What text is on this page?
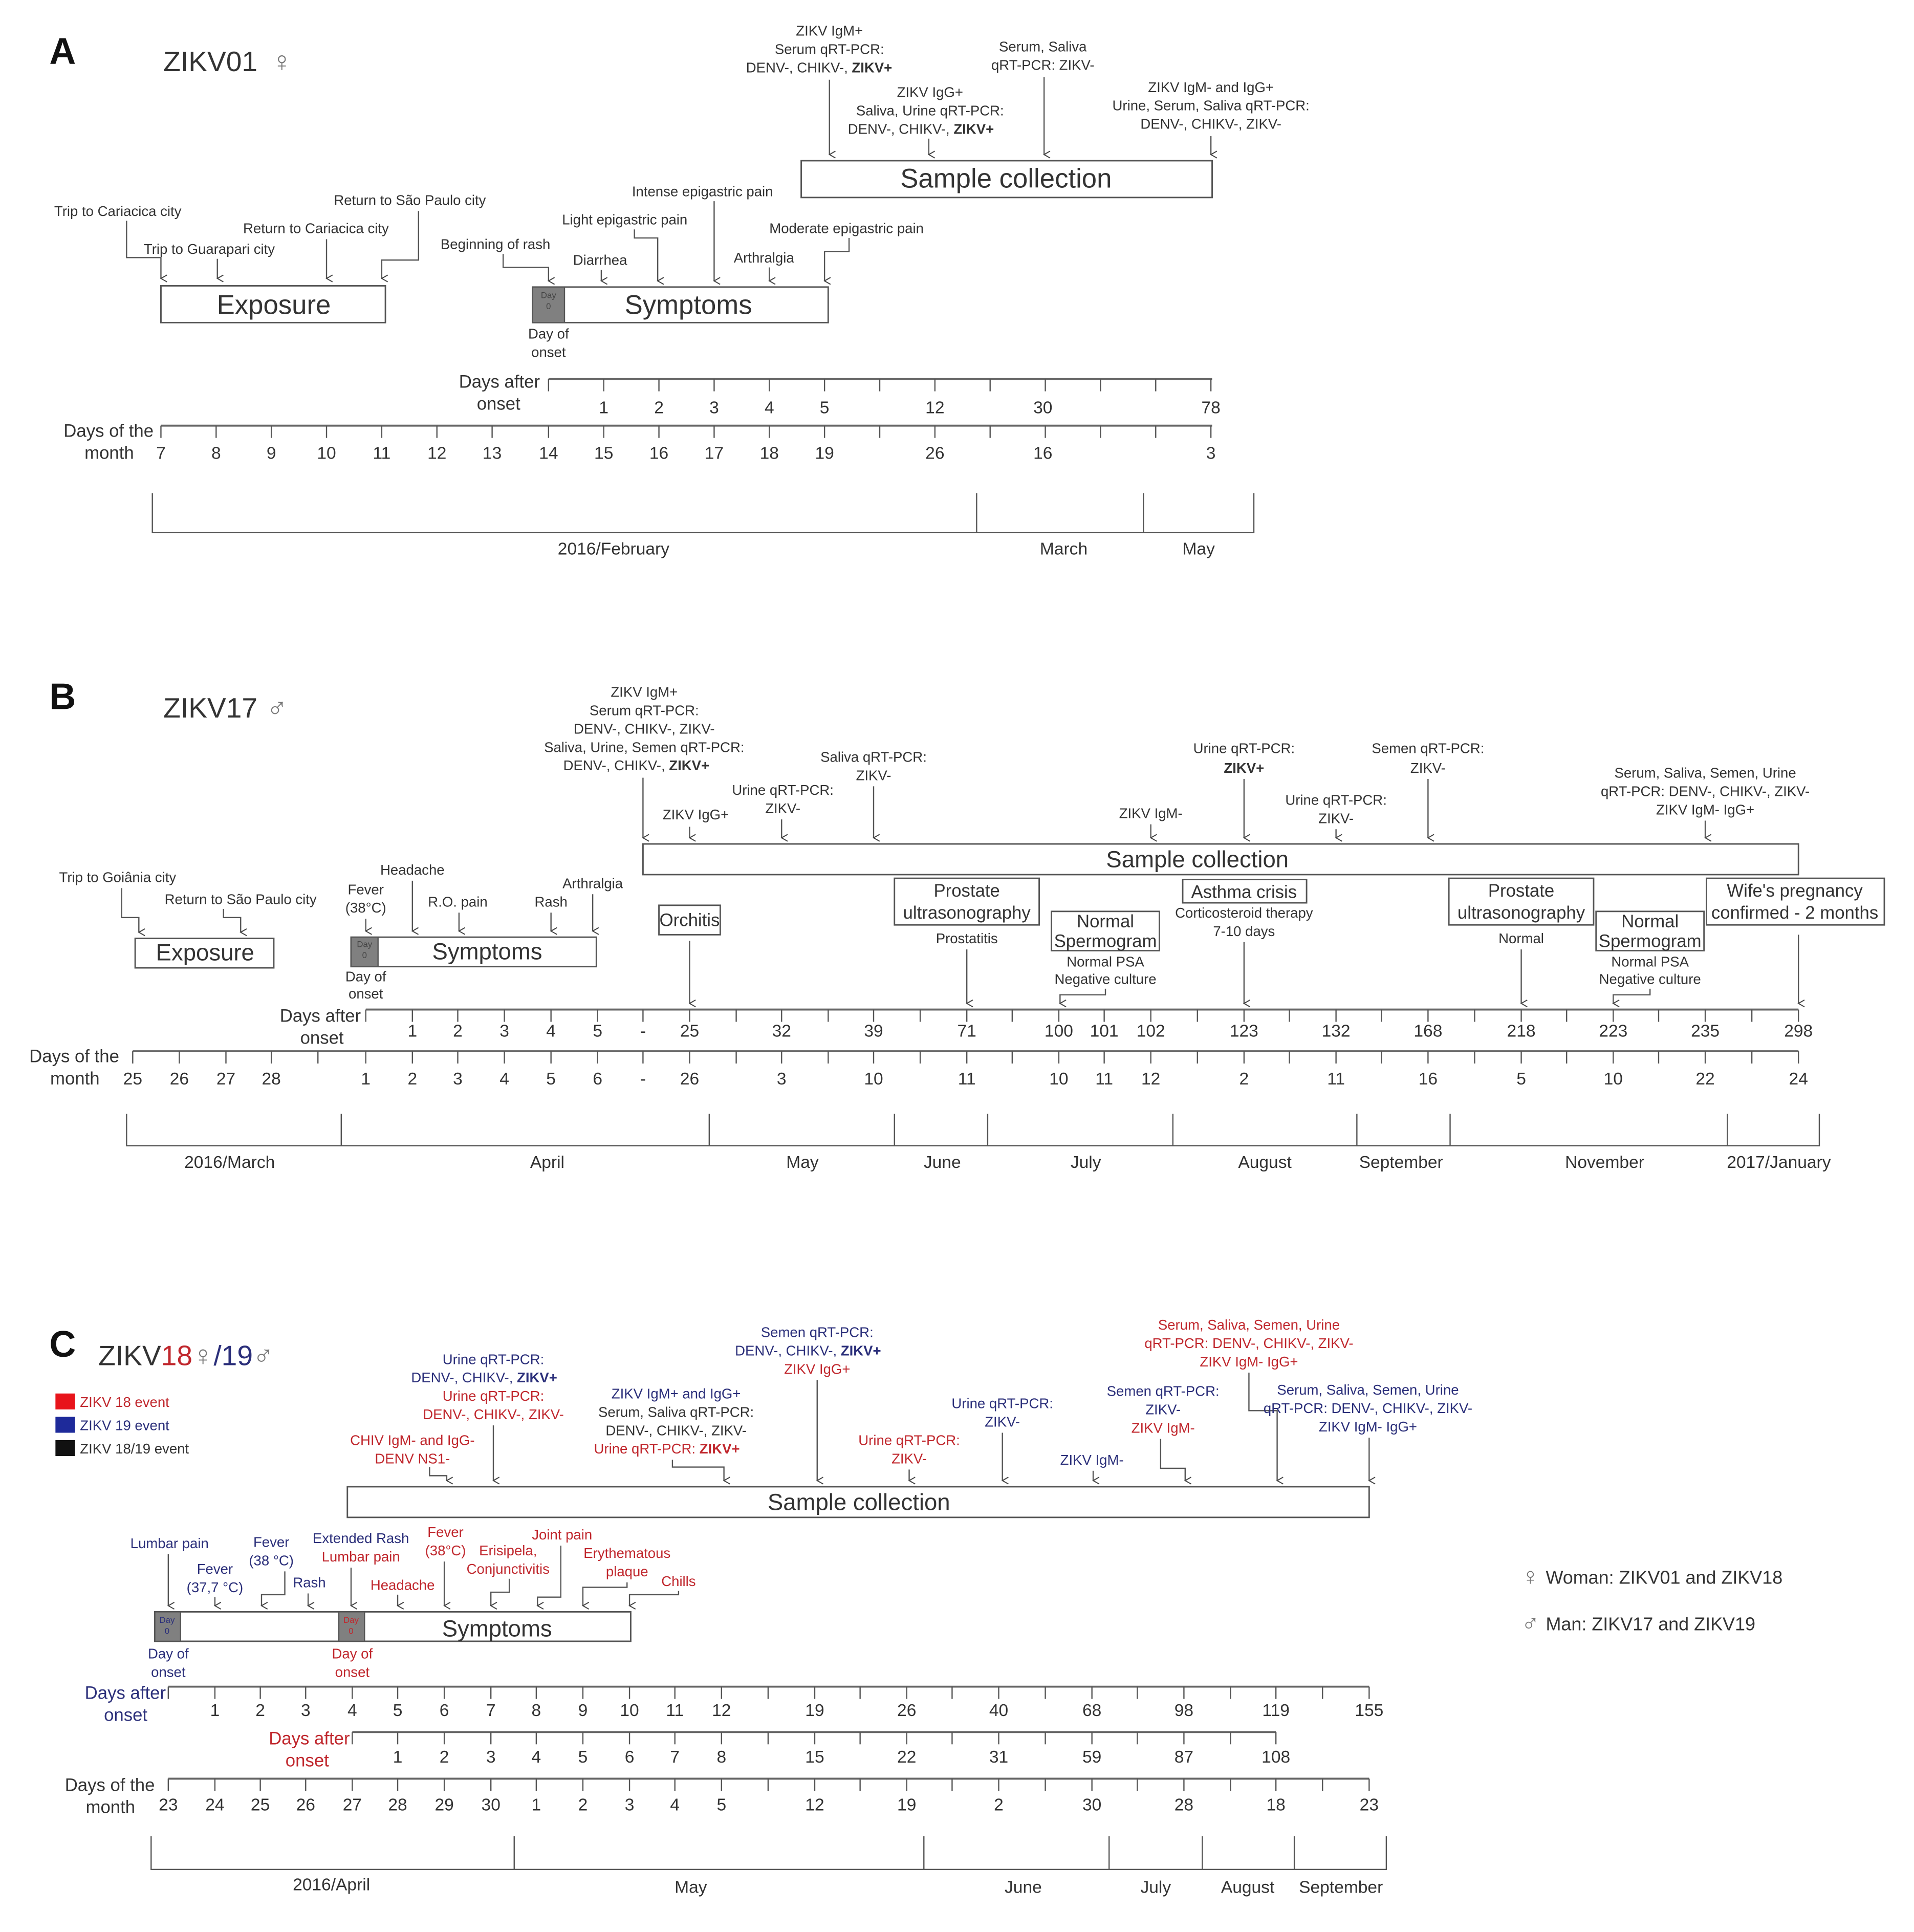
A	ZIKV01 ♀
ZIKV IgM+
Serum qRT-PCR:
DENV-, CHIKV-, ZIKV+
ZIKV IgG+
Saliva, Urine qRT-PCR:
DENV-, CHIKV-, ZIKV+
Serum, Saliva
qRT-PCR: ZIKV-
ZIKV IgM- and IgG+
Urine, Serum, Saliva qRT-PCR:
DENV-, CHIKV-, ZIKV-
Sample collection
Trip to Cariacica city
Trip to Guarapari city
Return to Cariacica city
Return to São Paulo city
Exposure
Beginning of rash
Diarrhea
Light epigastric pain
Intense epigastric pain
Arthralgia
Moderate epigastric pain
Day
0	Symptoms
Day of
onset
Days after
onset	1	2	3	4	5	12	30	78
Days of the
month	7	8	9	10	11	12	13	14	15	16	17	18	19	26	16	3
2016/February	March	May
B	ZIKV17 ♂
ZIKV IgM+
Serum qRT-PCR:
DENV-, CHIKV-, ZIKV-
Saliva, Urine, Semen qRT-PCR:
DENV-, CHIKV-, ZIKV+
ZIKV IgG+
Urine qRT-PCR:
ZIKV-
Saliva qRT-PCR:
ZIKV-
ZIKV IgM-
Urine qRT-PCR:
ZIKV+
Urine qRT-PCR:
ZIKV-
Semen qRT-PCR:
ZIKV-	Serum, Saliva, Semen, Urine
qRT-PCR: DENV-, CHIKV-, ZIKV-
ZIKV IgM- IgG+
Sample collection
Orchitis
Prostate
ultrasonography
Prostatitis
Normal
Spermogram
Normal PSA
Negative culture
Asthma crisis
Corticosteroid therapy
7-10 days
Prostate
ultrasonography
Normal
Normal
Spermogram
Normal PSA
Negative culture
Wife's pregnancy
confirmed - 2 months
Trip to Goiânia city
Return to São Paulo city
Exposure
Fever
(38°C)
Headache
R.O. pain	Rash
Arthralgia
Day
0	Symptoms
Day of
onset
Days after
onset	1	2	3	4	5	-	25	32	39	71	100 101	102	123	132	168	218	223	235	298
Days of the
month	25	26	27	28	1	2	3	4	5	6	-	26	3	10	11	10	11	12	2	11	16	5	10	22	24
2016/March	April	May	June	July	August	September	November	2017/January
C ZIKV18♀/19♂
ZIKV 18 event
ZIKV 19 event
ZIKV 18/19 event
CHIV IgM- and IgG-
DENV NS1-
Urine qRT-PCR:
DENV-, CHIKV-, ZIKV+
Urine qRT-PCR:
DENV-, CHIKV-, ZIKV-
ZIKV IgM+ and IgG+
Serum, Saliva qRT-PCR:
DENV-, CHIKV-, ZIKV-
Urine qRT-PCR: ZIKV+
Semen qRT-PCR:
DENV-, CHIKV-, ZIKV+
ZIKV IgG+
Urine qRT-PCR:
ZIKV-
Urine qRT-PCR:
ZIKV-
ZIKV IgM-
Semen qRT-PCR:
ZIKV-
ZIKV IgM-
Serum, Saliva, Semen, Urine
qRT-PCR: DENV-, CHIKV-, ZIKV-
ZIKV IgM- IgG+
Serum, Saliva, Semen, Urine
qRT-PCR: DENV-, CHIKV-, ZIKV-
ZIKV IgM- IgG+
Sample collection
Lumbar pain
Fever
(37,7 °C)
Fever
(38 °C)
Rash
Extended Rash
Lumbar pain
Headache
Fever
(38°C) Erisipela,
Conjunctivitis
Joint pain
Erythematous
plaque
Chills
Day
0
Day
0	Symptoms
Day of
onset
Day of
onset
Days after
onset	1	2	3	4	5	6	7	8	9	10	11	12	19	26	40	68	98	119	155
Days after
onset	1	2	3	4	5	6	7	8	15	22	31	59	87	108
Days of the
month	23	24	25	26	27	28	29	30	1	2	3	4	5	12	19	2	30	28	18	23
2016/April	May	June	July	August	September
♀ Woman: ZIKV01 and ZIKV18
♂ Man: ZIKV17 and ZIKV19
